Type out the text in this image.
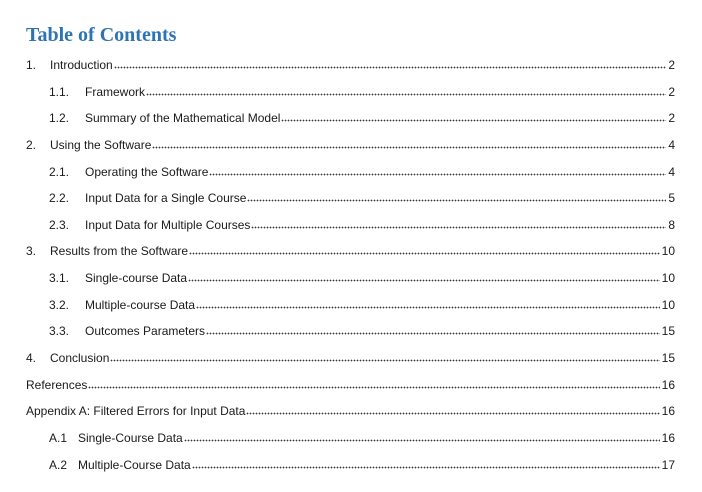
Table of Contents
1.	Introduction	2
1.1.	Framework	2
1.2.	Summary of the Mathematical Model	2
2.	Using the Software	4
2.1.	Operating the Software	4
2.2.	Input Data for a Single Course	5
2.3.	Input Data for Multiple Courses	8
3.	Results from the Software	10
3.1.	Single-course Data	10
3.2.	Multiple-course Data	10
3.3.	Outcomes Parameters	15
4.	Conclusion	15
References	16
Appendix A: Filtered Errors for Input Data	16
A.1 Single-Course Data	16
A.2 Multiple-Course Data	17
